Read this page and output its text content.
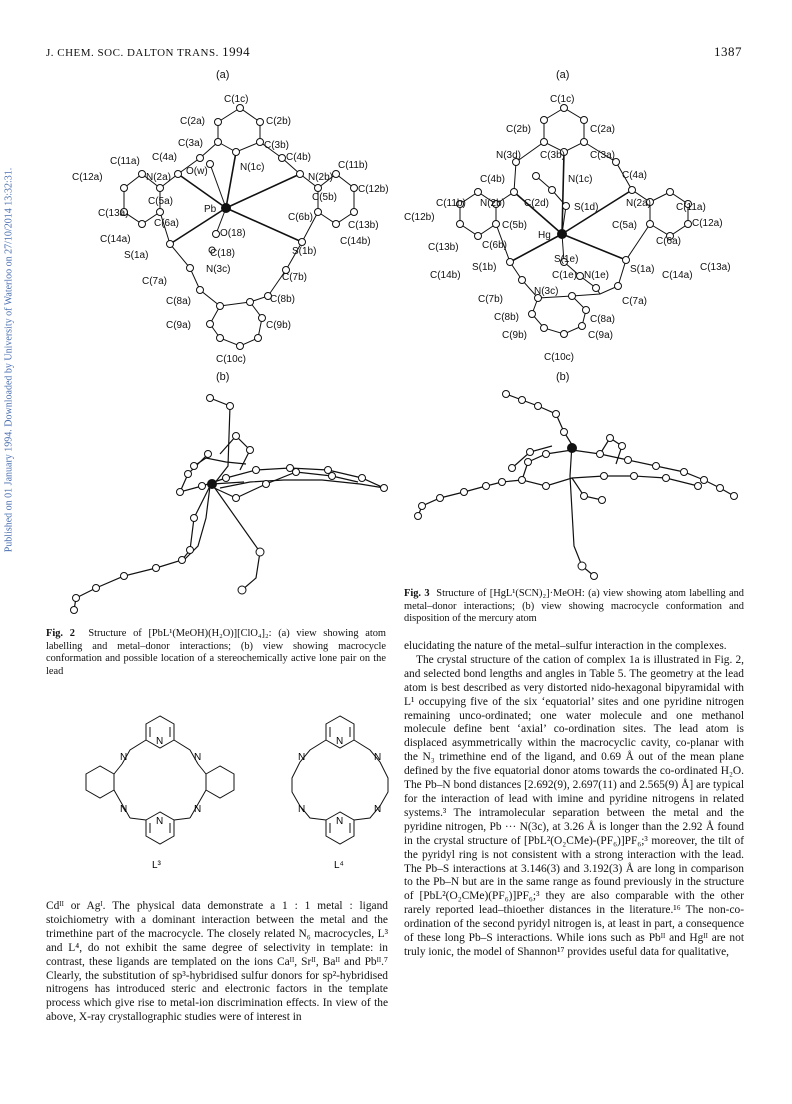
J. CHEM. SOC. DALTON TRANS. 1994	1387
Published on 01 January 1994. Downloaded by University of Waterloo on 27/10/2014 13:32:31.
(a)
C(1c)
C(2a)	C(2b)
C(3a)	C(3b)
C(4a)	C(4b)
C(11a)	C(11b)
C(12a)
C(12b)
N(2a)	N(2b)
O(w)	N(1c)
C(5a)	C(5b)
C(13a)
C(13b)
C(6a)
C(6b)
Pb
O(18)
C(14a)	C(14b)
S(1a)	S(1b)
C(18)
N(3c)
C(7a)	C(7b)
C(8a)	C(8b)
C(9a)	C(9b)
C(10c)
(b)
Fig. 2 Structure of [PbL¹(MeOH)(H₂O)][ClO₄]₂: (a) view showing atom labelling and metal–donor interactions; (b) view showing macrocycle conformation and possible location of a stereochemically active lone pair on the lead
N
N	N
N	N
N
N
N	N
N	N
N
L³	L⁴

Cdᴵᴵ or Agᴵ. The physical data demonstrate a 1 : 1 metal : ligand stoichiometry with a dominant interaction between the metal and the trimethine part of the macrocycle. The closely related N₆ macrocycles, L³ and L⁴, do not exhibit the same degree of selectivity in template: in contrast, these ligands are templated on the ions Caᴵᴵ, Srᴵᴵ, Baᴵᴵ and Pbᴵᴵ.⁷ Clearly, the substitution of sp³-hybridised sulfur donors for sp²-hybridised nitrogens has introduced steric and electronic factors in the template process which give rise to metal-ion discrimination effects. In view of the above, X-ray crystallographic studies were of interest in

(a)
C(1c)
C(2b)	C(2a)
N(3d) C(3b) C(3a)
C(4b)	N(1c)	C(4a)
C(11b) N(2b) C(2d) S(1d)	N(2a) C(11a)
C(12b)
C(5b)	C(5a)	C(12a)
Hg
C(13b) C(6b)	C(6a)
C(14b)
S(1b)
S(1e)
S(1a)	C(13a)
C(1e) N(1e)	C(14a)
N(3c)
C(7b)	C(7a)
C(8b)	C(8a)
C(9b)	C(9a)
C(10c)
(b)
Fig. 3 Structure of [HgL¹(SCN)₂]·MeOH: (a) view showing atom labelling and metal–donor interactions; (b) view showing macrocycle conformation and disposition of the mercury atom

elucidating the nature of the metal–sulfur interaction in the complexes.

The crystal structure of the cation of complex 1a is illustrated in Fig. 2, and selected bond lengths and angles in Table 5. The geometry at the lead atom is best described as very distorted nido-hexagonal bipyramidal with L¹ occupying five of the six ‘equatorial’ sites and one pyridine nitrogen remaining unco-ordinated; one water molecule and one methanol molecule define bent ‘axial’ co-ordination sites. The lead atom is displaced asymmetrically within the macrocyclic cavity, co-planar with the N₃ trimethine end of the ligand, and 0.69 Å out of the mean plane defined by the five equatorial donor atoms towards the co-ordinated H₂O. The Pb–N bond distances [2.692(9), 2.697(11) and 2.565(9) Å] are typical for the interaction of lead with imine and pyridine nitrogens in related systems.³ The intramolecular separation between the metal and the pyridine nitrogen, Pb ··· N(3c), at 3.26 Å is longer than the 2.92 Å found in the crystal structure of [PbL²(O₂CMe)-(PF₆)]PF₆;³ moreover, the tilt of the pyridyl ring is not consistent with a strong interaction with the lead. The Pb–S interactions at 3.146(3) and 3.192(3) Å are long in comparison to the Pb–N but are in the same range as found previously in the structure of [PbL²(O₂CMe)(PF₆)]PF₆;³ they are also comparable with the other rarely reported lead–thioether distances in the literature.¹⁶ The non-co-ordination of the second pyridyl nitrogen is, at least in part, a consequence of these long Pb–S interactions. While ions such as Pbᴵᴵ and Hgᴵᴵ are not truly ionic, the model of Shannon¹⁷ provides useful data for qualitative,
